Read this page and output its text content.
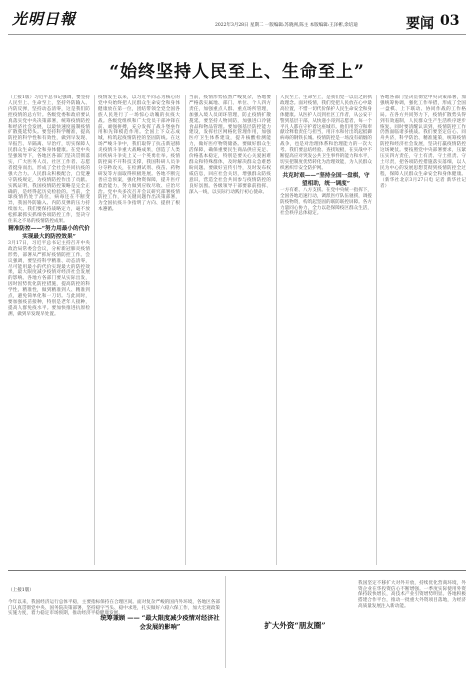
光明日報	2022年3月28日 星期二 一版编辑:苏晓洲,陈主 本版编辑:王泽彬,余培迪	要闻 03
“始终坚持人民至上、生命至上”

（上接1版）习近平总书记强调，要坚持人民至上、生命至上，坚持外防输入、内防反弹，坚持动态清零，这是我们防控疫情的总方针。各级党委和政府要认真落实党中央决策部署，统筹疫情防控和经济社会发展，以最快速度遏制疫情扩散蔓延势头。要坚持科学精准，提高防控的科学性和有效性，做到早发现、早报告、早隔离、早治疗，切实保障人民群众生命安全和身体健康。在党中央坚强领导下，各地区各部门坚决贯彻落实，广大医务人员、社区工作者、志愿者挺身而出，形成了全社会共同抗疫的强大合力。人民群众积极配合，自觉遵守防疫规定，为疫情防控作出了贡献。实践证明，我国疫情防控策略是完全正确的，是经得起历史检验的。当前，全球疫情仍处于高位，病毒还在不断变异，我国外防输入、内防反弹的压力持续加大。我们要保持战略定力，毫不放松抓紧抓实抓细各项防控工作，坚决守住来之不易的疫情防控成果。

精准防控——“努力用最小的代价实现最大的防控效果”

3月17日，习近平总书记主持召开中央政治局常委会会议，分析新冠肺炎疫情形势，部署从严抓好疫情防控工作。会议强调，要坚持科学精准、动态清零，尽可能用最小的代价实现最大的防控效果，最大限度减少疫情对经济社会发展的影响。各地方各部门要从实际出发，因时因势优化防控措施，提高防控的科学性、精准性，做到精准到人、精准到点，避免简单化和一刀切。与此同时，要加强疫苗接种，特别是老年人接种，提高人群免疫水平。要加快推进抗原检测，做到早发现早处置。

疫情发生以来，以习近平同志为核心的党中央始终把人民群众生命安全和身体健康放在第一位，团结带领全党全国各族人民进行了一场惊心动魄的抗疫大战。各级党组织和广大党员干部冲锋在前、顽强拼搏，充分发挥了战斗堡垒作用和先锋模范作用。全国上下众志成城，构筑起疫情防控的坚固防线。在这场严峻斗争中，我们取得了抗击新冠肺炎疫情斗争重大战略成果，创造了人类同疾病斗争史上又一个英勇壮举。疫情防控离不开科技支撑，我国科研人员争分夺秒攻关，在检测试剂、疫苗、药物研发等方面取得积极进展。各地不断完善应急预案，强化物资保障，提升医疗救治能力，努力做到应收尽收、应治尽治。党中央多次召开会议研究部署疫情防控工作，对关键问题作出决策部署，为全国抗疫斗争指明了方向、提供了根本遵循。

当前，疫情形势依然严峻复杂，各地要严格落实属地、部门、单位、个人四方责任，加强重点人群、重点场所管理，加强入境人员闭环管理，防止疫情扩散蔓延。要坚持人物同防，加强进口冷链食品和物品管理。要加强基层防控能力建设，发挥社区网格化管理作用，加强医疗卫生体系建设，提升核酸检测能力，做好医疗物资储备。要做好群众生活保障，确保重要民生商品供应充足、价格基本稳定，特别是要关心关爱困难群众和特殊群体，及时解决群众急难愁盼问题。要做好宣传引导，及时发布权威信息，回应社会关切，增强群众防疫意识，营造全社会共同参与疫情防控的良好氛围。各级领导干部要靠前指挥、深入一线，以实际行动践行初心使命。

人民至上、生命至上，是我们党一以贯之的执政理念。面对疫情，我们党把人民放在心中最高位置，不惜一切代价保护人民生命安全和身体健康。从医护人员到社区工作者，从公安干警到基层干部，从快递小哥到志愿者，每一个平凡人都在守护着这座城市。他们用坚守和奉献诠释着责任与担当，用汗水和付出筑起抵御病毒的钢铁长城。疫情防控是一场没有硝烟的战争，也是对治理体系和治理能力的一次大考。我们要总结经验、查找短板，在实战中不断提高应对突发公共卫生事件的能力和水平，切实把制度优势转化为治理效能，为人民群众织密织牢安全防护网。

共克时艰——“坚持全国一盘棋，守望相助，统一调度”

一方有难、八方支援。在党中央统一指挥下，全国各地迅速行动，调派医疗队伍驰援，调拨防疫物资，构筑起坚固的联防联控屏障。各方力量同心协力，全力以赴保障疫区群众生活，社会秩序总体稳定。

各地各部门坚决贯彻党中央决策部署，加强统筹协调，强化工作举措，形成了全国一盘棋、上下联动、协同作战的工作格局。在各方共同努力下，疫情扩散势头得到有效遏制，人民群众生产生活秩序逐步恢复。同时要清醒认识到，疫情防控工作仍然面临诸多挑战。我们要坚定信心、同舟共济，科学防治、精准施策，统筹疫情防控和经济社会发展，坚决打赢疫情防控这场硬仗。要按照党中央部署要求，压紧压实四方责任，守土有责、守土担责、守土尽责，把各项防控措施落实落细，以人民为中心的发展思想贯彻到疫情防控全过程，保障人民群众生命安全和身体健康。（新华社北京3月27日电 记者 新华社记者）

（上接1版）

今年以来，我国经济运行总体平稳，主要指标保持在合理区间。面对复杂严峻的国内外环境，各地区各部门认真贯彻党中央、国务院决策部署，坚持稳字当头、稳中求进，扎实做好六稳六保工作，加大宏观政策实施力度，着力稳定市场预期，推动经济平稳健康发展。

统筹兼顾 —— “最大限度减少疫情对经济社会发展的影响”	扩大外资“朋友圈”

我国坚定不移扩大对外开放，持续优化营商环境，外资企业在华投资信心不断增强。一季度实际使用外资保持较快增长，高技术产业引资增势明显。各地积极搭建合作平台，推动一批重大外资项目落地，为经济高质量发展注入新动能。
